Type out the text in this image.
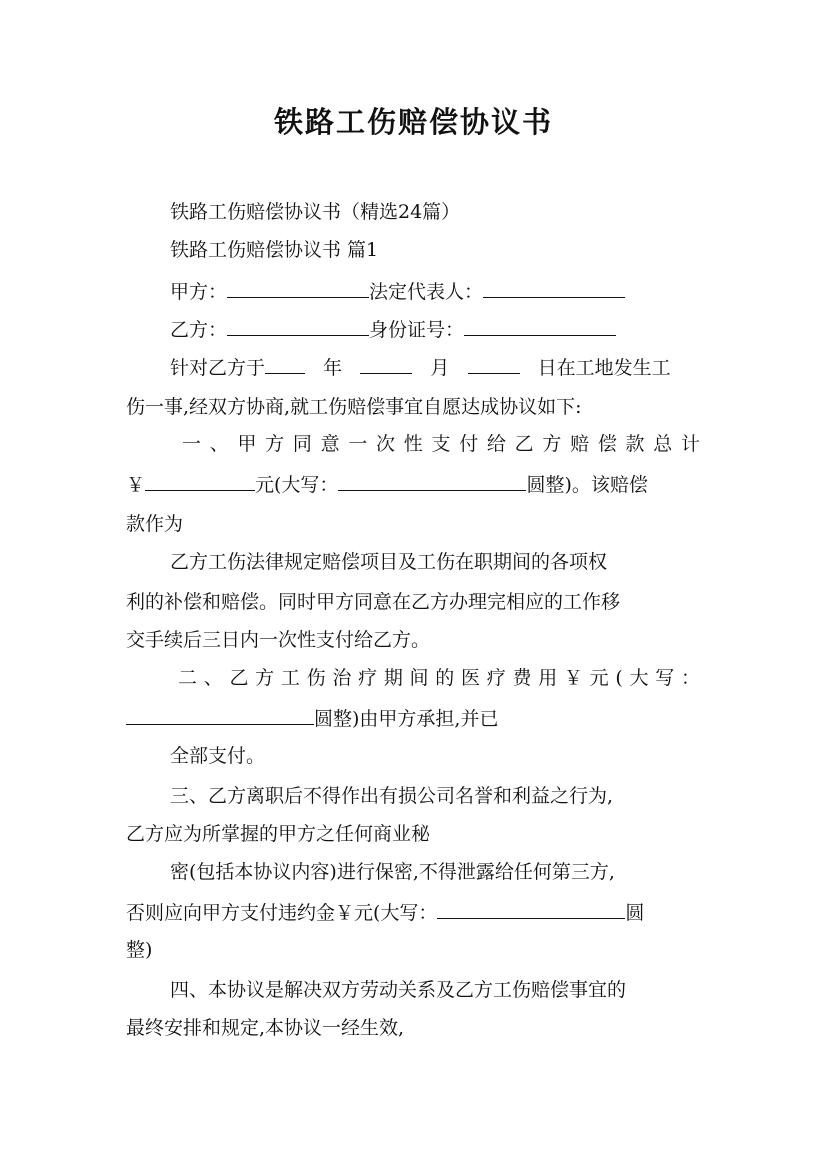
铁路工伤赔偿协议书
铁路工伤赔偿协议书（精选24篇）
铁路工伤赔偿协议书 篇1
甲方：	法定代表人：
乙方：	身份证号：
针对乙方于	年	月	日在工地发生工
伤一事,经双方协商,就工伤赔偿事宜自愿达成协议如下:
一、甲方同意一次性支付给乙方赔偿款总计
￥	元(大写：	圆整)。该赔偿
款作为
乙方工伤法律规定赔偿项目及工伤在职期间的各项权
利的补偿和赔偿。同时甲方同意在乙方办理完相应的工作移
交手续后三日内一次性支付给乙方。
二、乙方工伤治疗期间的医疗费用￥元(大写：
圆整)由甲方承担,并已
全部支付。
三、乙方离职后不得作出有损公司名誉和利益之行为,
乙方应为所掌握的甲方之任何商业秘
密(包括本协议内容)进行保密,不得泄露给任何第三方,
否则应向甲方支付违约金￥元(大写：	圆
整)
四、本协议是解决双方劳动关系及乙方工伤赔偿事宜的
最终安排和规定,本协议一经生效,
